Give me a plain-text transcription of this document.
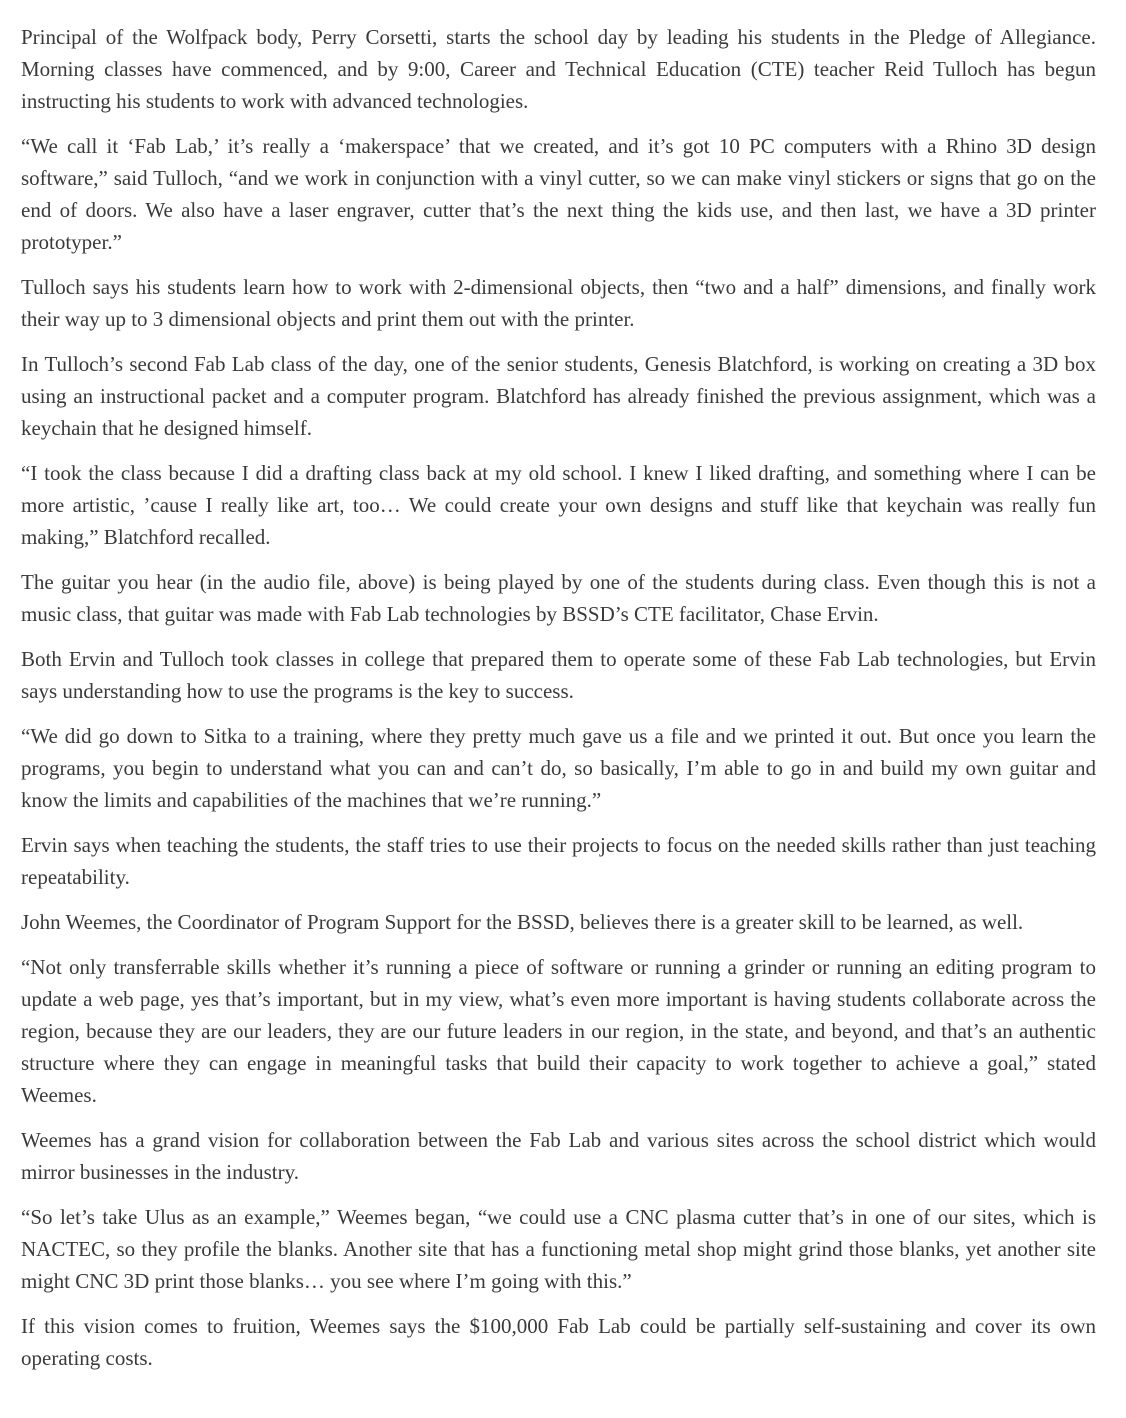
Principal of the Wolfpack body, Perry Corsetti, starts the school day by leading his students in the Pledge of Allegiance. Morning classes have commenced, and by 9:00, Career and Technical Education (CTE) teacher Reid Tulloch has begun instructing his students to work with advanced technologies.

“We call it ‘Fab Lab,’ it’s really a ‘makerspace’ that we created, and it’s got 10 PC computers with a Rhino 3D design software,” said Tulloch, “and we work in conjunction with a vinyl cutter, so we can make vinyl stickers or signs that go on the end of doors. We also have a laser engraver, cutter that’s the next thing the kids use, and then last, we have a 3D printer prototyper.”

Tulloch says his students learn how to work with 2-dimensional objects, then “two and a half” dimensions, and finally work their way up to 3 dimensional objects and print them out with the printer.

In Tulloch’s second Fab Lab class of the day, one of the senior students, Genesis Blatchford, is working on creating a 3D box using an instructional packet and a computer program. Blatchford has already finished the previous assignment, which was a keychain that he designed himself.

“I took the class because I did a drafting class back at my old school. I knew I liked drafting, and something where I can be more artistic, ’cause I really like art, too… We could create your own designs and stuff like that keychain was really fun making,” Blatchford recalled.

The guitar you hear (in the audio file, above) is being played by one of the students during class. Even though this is not a music class, that guitar was made with Fab Lab technologies by BSSD’s CTE facilitator, Chase Ervin.

Both Ervin and Tulloch took classes in college that prepared them to operate some of these Fab Lab technologies, but Ervin says understanding how to use the programs is the key to success.

“We did go down to Sitka to a training, where they pretty much gave us a file and we printed it out. But once you learn the programs, you begin to understand what you can and can’t do, so basically, I’m able to go in and build my own guitar and know the limits and capabilities of the machines that we’re running.”

Ervin says when teaching the students, the staff tries to use their projects to focus on the needed skills rather than just teaching repeatability.

John Weemes, the Coordinator of Program Support for the BSSD, believes there is a greater skill to be learned, as well.

“Not only transferrable skills whether it’s running a piece of software or running a grinder or running an editing program to update a web page, yes that’s important, but in my view, what’s even more important is having students collaborate across the region, because they are our leaders, they are our future leaders in our region, in the state, and beyond, and that’s an authentic structure where they can engage in meaningful tasks that build their capacity to work together to achieve a goal,” stated Weemes.

Weemes has a grand vision for collaboration between the Fab Lab and various sites across the school district which would mirror businesses in the industry.

“So let’s take Ulus as an example,” Weemes began, “we could use a CNC plasma cutter that’s in one of our sites, which is NACTEC, so they profile the blanks. Another site that has a functioning metal shop might grind those blanks, yet another site might CNC 3D print those blanks… you see where I’m going with this.”

If this vision comes to fruition, Weemes says the $100,000 Fab Lab could be partially self-sustaining and cover its own operating costs.
